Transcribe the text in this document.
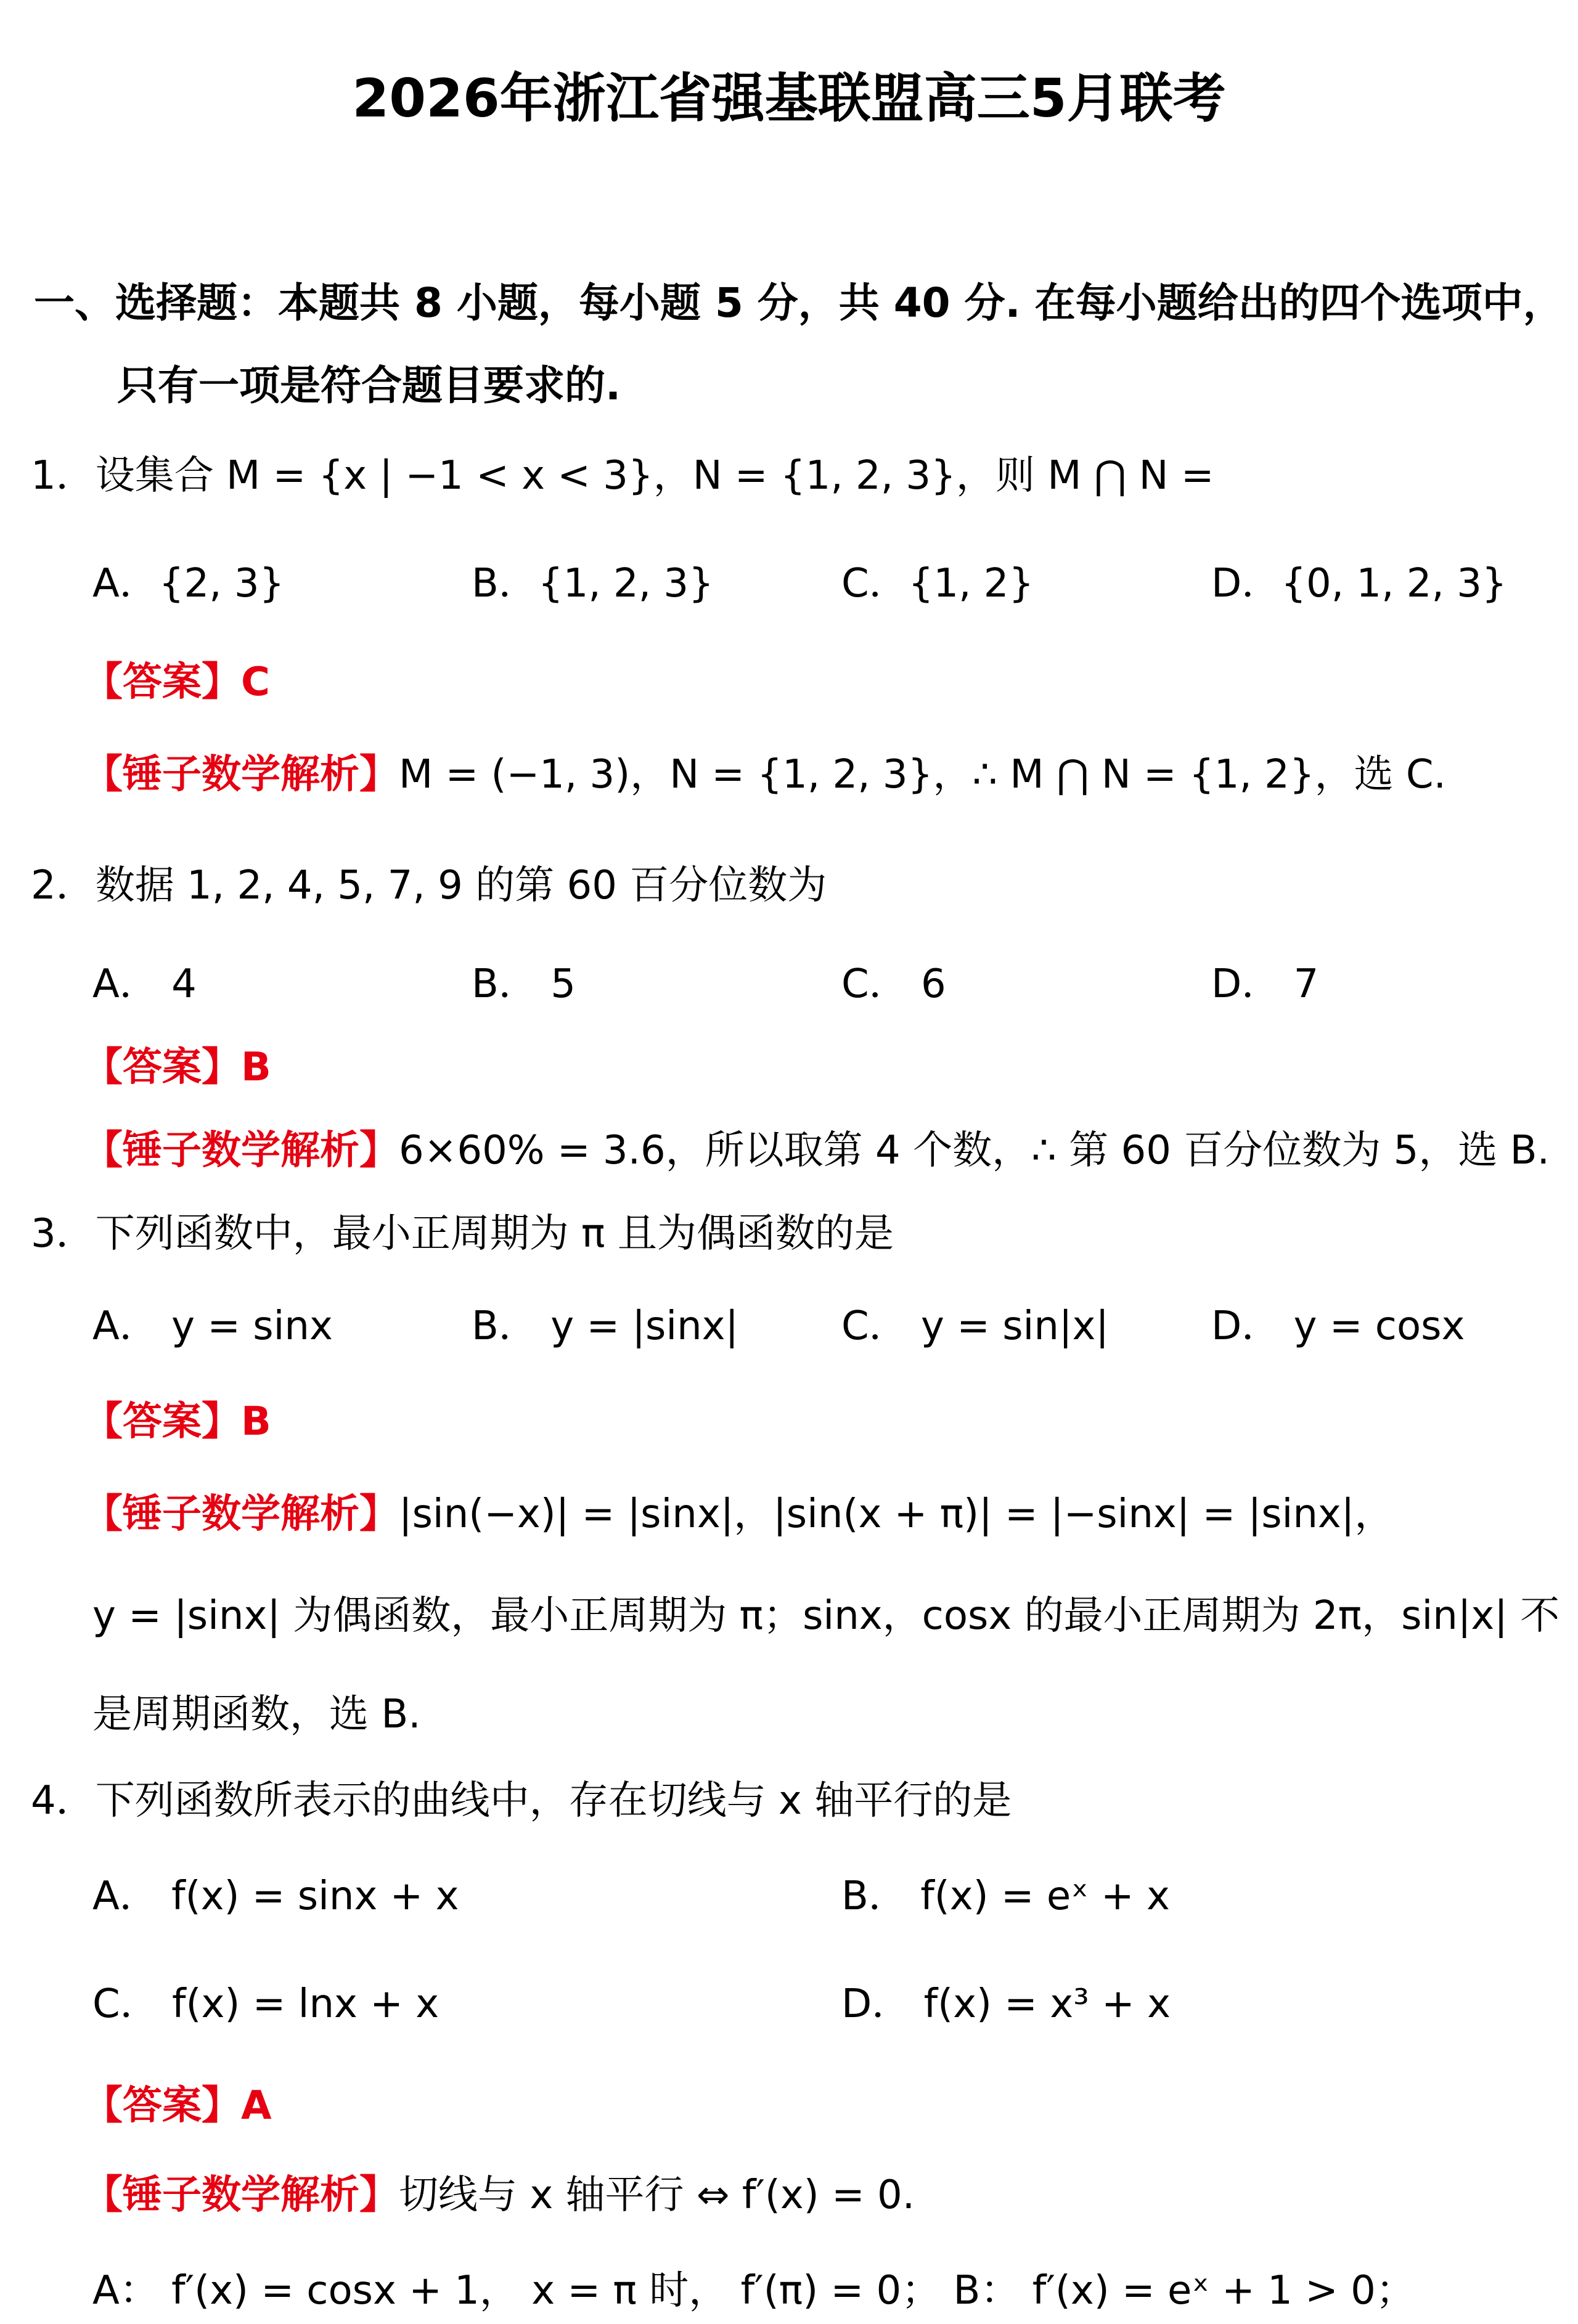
2026年浙江省强基联盟高三5月联考
一、选择题：本题共 8 小题，每小题 5 分，共 40 分. 在每小题给出的四个选项中，
只有一项是符合题目要求的.
1．设集合 M = {x | −1 < x < 3}，N = {1, 2, 3}，则 M ⋂ N =
A．{2, 3}	B．{1, 2, 3}	C．{1, 2}	D．{0, 1, 2, 3}
【答案】C
【锤子数学解析】M = (−1, 3)，N = {1, 2, 3}，∴ M ⋂ N = {1, 2}，选 C.
2．数据 1, 2, 4, 5, 7, 9 的第 60 百分位数为
A． 4	B． 5	C． 6	D． 7
【答案】B
【锤子数学解析】6×60% = 3.6，所以取第 4 个数，∴ 第 60 百分位数为 5，选 B.
3．下列函数中，最小正周期为 π 且为偶函数的是
A． y = sinx	B． y = |sinx|	C． y = sin|x|	D． y = cosx
【答案】B
【锤子数学解析】|sin(−x)| = |sinx|，|sin(x + π)| = |−sinx| = |sinx|，
y = |sinx| 为偶函数，最小正周期为 π；sinx，cosx 的最小正周期为 2π，sin|x| 不
是周期函数，选 B.
4．下列函数所表示的曲线中，存在切线与 x 轴平行的是
A． f(x) = sinx + x	B． f(x) = eˣ + x
C． f(x) = lnx + x	D． f(x) = x³ + x
【答案】A
【锤子数学解析】切线与 x 轴平行 ⇔ f′(x) = 0.
A： f′(x) = cosx + 1， x = π 时， f′(π) = 0； B： f′(x) = eˣ + 1 > 0；
